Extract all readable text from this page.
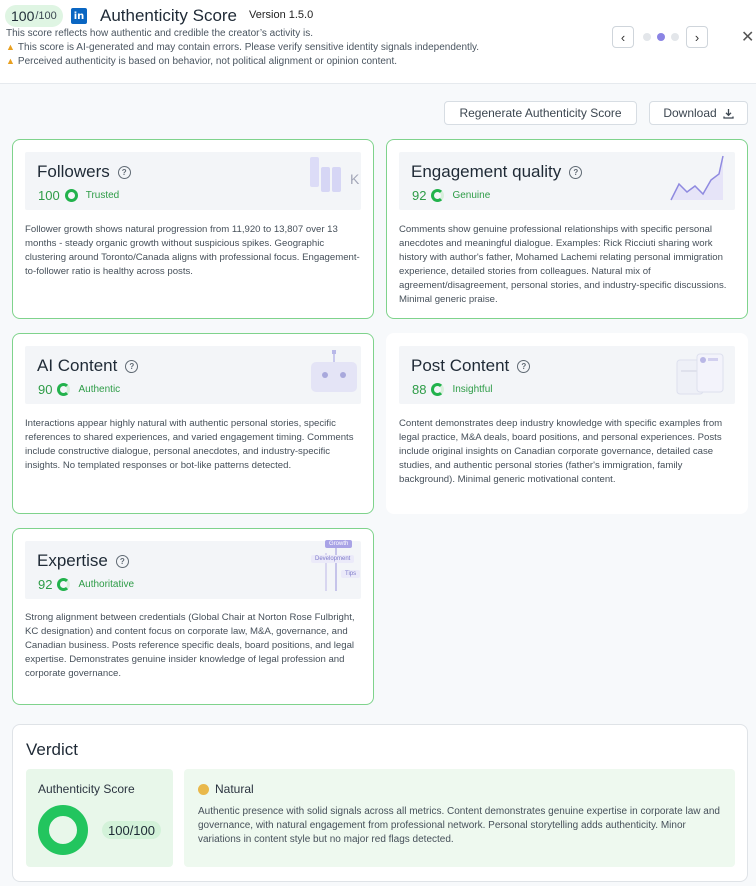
100 /100 in Authenticity Score Version 1.5.0
This score reflects how authentic and credible the creator’s activity is.
▲ This score is AI-generated and may contain errors. Please verify sensitive identity signals independently.
▲ Perceived authenticity is based on behavior, not political alignment or opinion content.
‹	›	✕
Regenerate Authenticity Score	Download
Followers	?
100	Trusted
K
Follower growth shows natural progression from 11,920 to 13,807 over 13 months - steady organic growth without suspicious spikes. Geographic clustering around Toronto/Canada aligns with professional focus. Engagement-to-follower ratio is healthy across posts.
Engagement quality	?
92	Genuine
Comments show genuine professional relationships with specific personal anecdotes and meaningful dialogue. Examples: Rick Ricciuti sharing work history with author's father, Mohamed Lachemi relating personal immigration experience, detailed stories from colleagues. Natural mix of agreement/disagreement, personal stories, and industry-specific discussions. Minimal generic praise.
AI Content	?
90	Authentic
Interactions appear highly natural with authentic personal stories, specific references to shared experiences, and varied engagement timing. Comments include constructive dialogue, personal anecdotes, and industry-specific insights. No templated responses or bot-like patterns detected.
Post Content	?
88	Insightful
Content demonstrates deep industry knowledge with specific examples from legal practice, M&A deals, board positions, and personal experiences. Posts include original insights on Canadian corporate governance, detailed case studies, and authentic personal stories (father's immigration, family background). Minimal generic motivational content.
Expertise	?
92	Authoritative
Growth
Development
Tips
Strong alignment between credentials (Global Chair at Norton Rose Fulbright, KC designation) and content focus on corporate law, M&A, governance, and Canadian business. Posts reference specific deals, board positions, and legal expertise. Demonstrates genuine insider knowledge of legal profession and corporate governance.
Verdict
Authenticity Score
100/100
Natural
Authentic presence with solid signals across all metrics. Content demonstrates genuine expertise in corporate law and governance, with natural engagement from professional network. Personal storytelling adds authenticity. Minor variations in content style but no major red flags detected.
